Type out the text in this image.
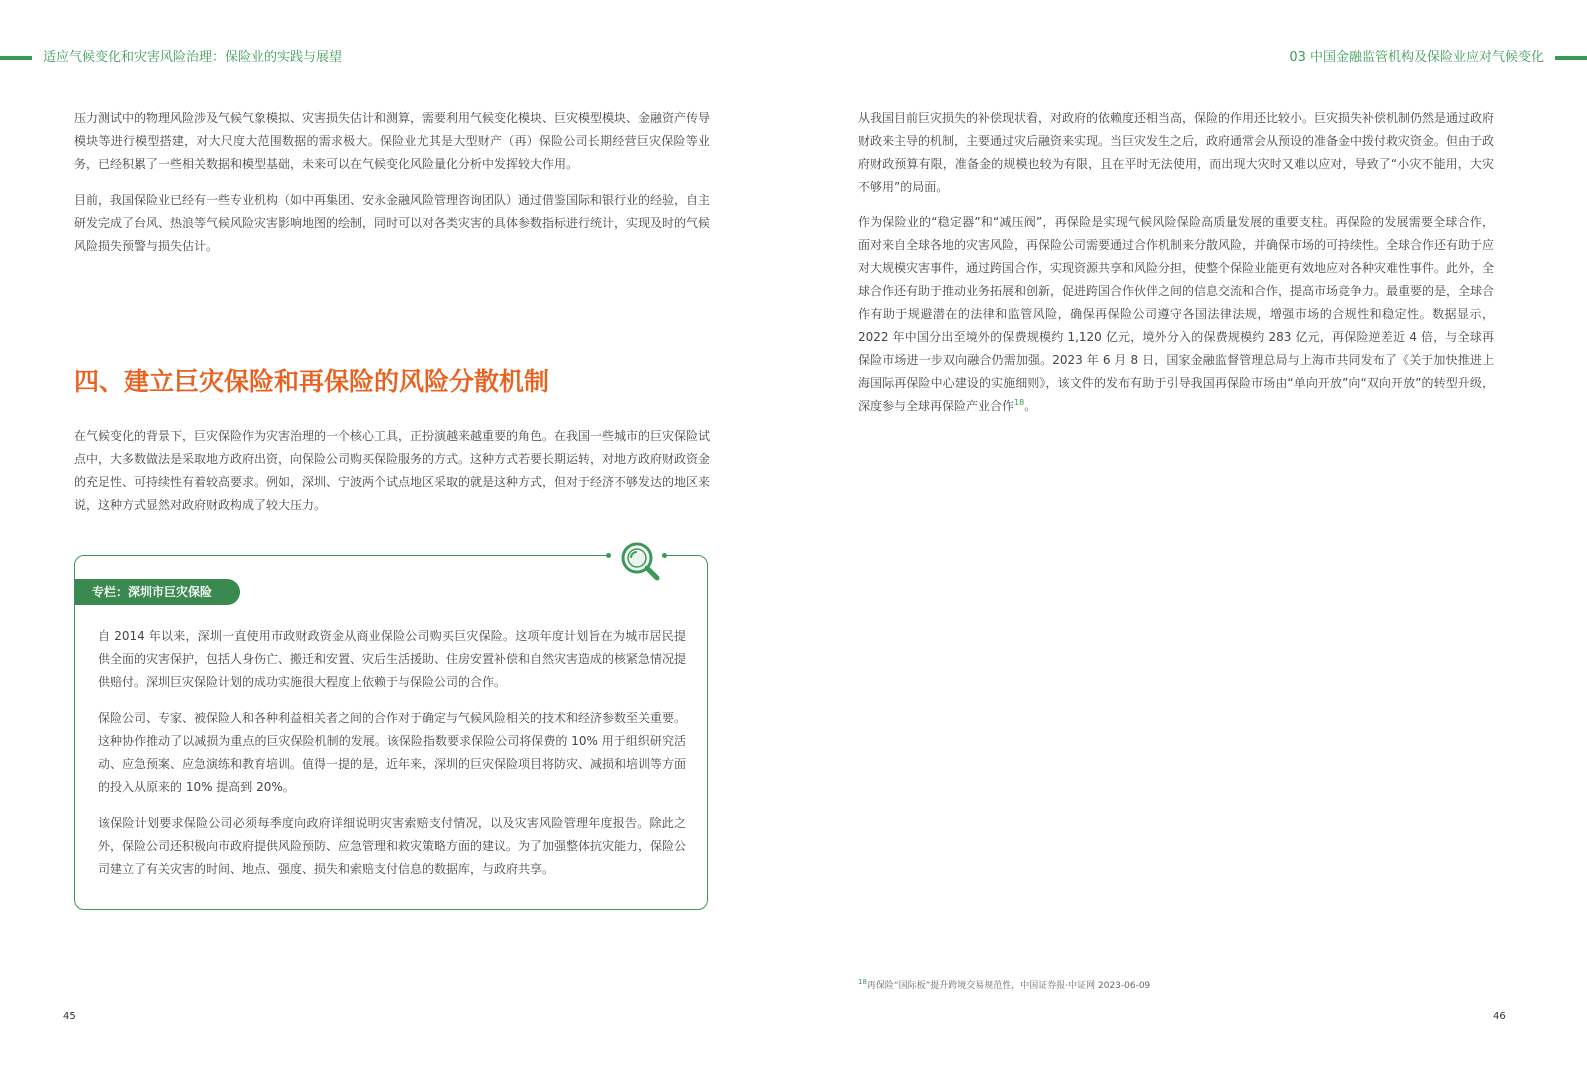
适应气候变化和灾害风险治理：保险业的实践与展望	03 中国金融监管机构及保险业应对气候变化

压力测试中的物理风险涉及气候气象模拟、灾害损失估计和测算，需要利用气候变化模块、巨灾模型模块、金融资产传导模块等进行模型搭建，对大尺度大范围数据的需求极大。保险业尤其是大型财产（再）保险公司长期经营巨灾保险等业务，已经积累了一些相关数据和模型基础，未来可以在气候变化风险量化分析中发挥较大作用。

目前，我国保险业已经有一些专业机构（如中再集团、安永金融风险管理咨询团队）通过借鉴国际和银行业的经验，自主研发完成了台风、热浪等气候风险灾害影响地图的绘制，同时可以对各类灾害的具体参数指标进行统计，实现及时的气候风险损失预警与损失估计。

四、建立巨灾保险和再保险的风险分散机制

在气候变化的背景下，巨灾保险作为灾害治理的一个核心工具，正扮演越来越重要的角色。在我国一些城市的巨灾保险试点中，大多数做法是采取地方政府出资，向保险公司购买保险服务的方式。这种方式若要长期运转，对地方政府财政资金的充足性、可持续性有着较高要求。例如，深圳、宁波两个试点地区采取的就是这种方式，但对于经济不够发达的地区来说，这种方式显然对政府财政构成了较大压力。

专栏：深圳市巨灾保险

自 2014 年以来，深圳一直使用市政财政资金从商业保险公司购买巨灾保险。这项年度计划旨在为城市居民提供全面的灾害保护，包括人身伤亡、搬迁和安置、灾后生活援助、住房安置补偿和自然灾害造成的核紧急情况提供赔付。深圳巨灾保险计划的成功实施很大程度上依赖于与保险公司的合作。

保险公司、专家、被保险人和各种利益相关者之间的合作对于确定与气候风险相关的技术和经济参数至关重要。这种协作推动了以减损为重点的巨灾保险机制的发展。该保险指数要求保险公司将保费的 10% 用于组织研究活动、应急预案、应急演练和教育培训。值得一提的是，近年来，深圳的巨灾保险项目将防灾、减损和培训等方面的投入从原来的 10% 提高到 20%。

该保险计划要求保险公司必须每季度向政府详细说明灾害索赔支付情况，以及灾害风险管理年度报告。除此之外，保险公司还积极向市政府提供风险预防、应急管理和救灾策略方面的建议。为了加强整体抗灾能力，保险公司建立了有关灾害的时间、地点、强度、损失和索赔支付信息的数据库，与政府共享。

从我国目前巨灾损失的补偿现状看，对政府的依赖度还相当高，保险的作用还比较小。巨灾损失补偿机制仍然是通过政府财政来主导的机制，主要通过灾后融资来实现。当巨灾发生之后，政府通常会从预设的准备金中拨付救灾资金。但由于政府财政预算有限，准备金的规模也较为有限，且在平时无法使用，而出现大灾时又难以应对，导致了“小灾不能用，大灾不够用”的局面。

作为保险业的“稳定器”和“减压阀”，再保险是实现气候风险保险高质量发展的重要支柱。再保险的发展需要全球合作，面对来自全球各地的灾害风险，再保险公司需要通过合作机制来分散风险，并确保市场的可持续性。全球合作还有助于应对大规模灾害事件，通过跨国合作，实现资源共享和风险分担，使整个保险业能更有效地应对各种灾难性事件。此外，全球合作还有助于推动业务拓展和创新，促进跨国合作伙伴之间的信息交流和合作，提高市场竞争力。最重要的是，全球合作有助于规避潜在的法律和监管风险，确保再保险公司遵守各国法律法规，增强市场的合规性和稳定性。数据显示，2022 年中国分出至境外的保费规模约 1,120 亿元，境外分入的保费规模约 283 亿元，再保险逆差近 4 倍，与全球再保险市场进一步双向融合仍需加强。2023 年 6 月 8 日，国家金融监督管理总局与上海市共同发布了《关于加快推进上海国际再保险中心建设的实施细则》，该文件的发布有助于引导我国再保险市场由“单向开放”向“双向开放”的转型升级，深度参与全球再保险产业合作$^{18}$。

$^{18}$再保险“国际板”提升跨境交易规范性，中国证券报·中证网 2023-06-09
45	46
